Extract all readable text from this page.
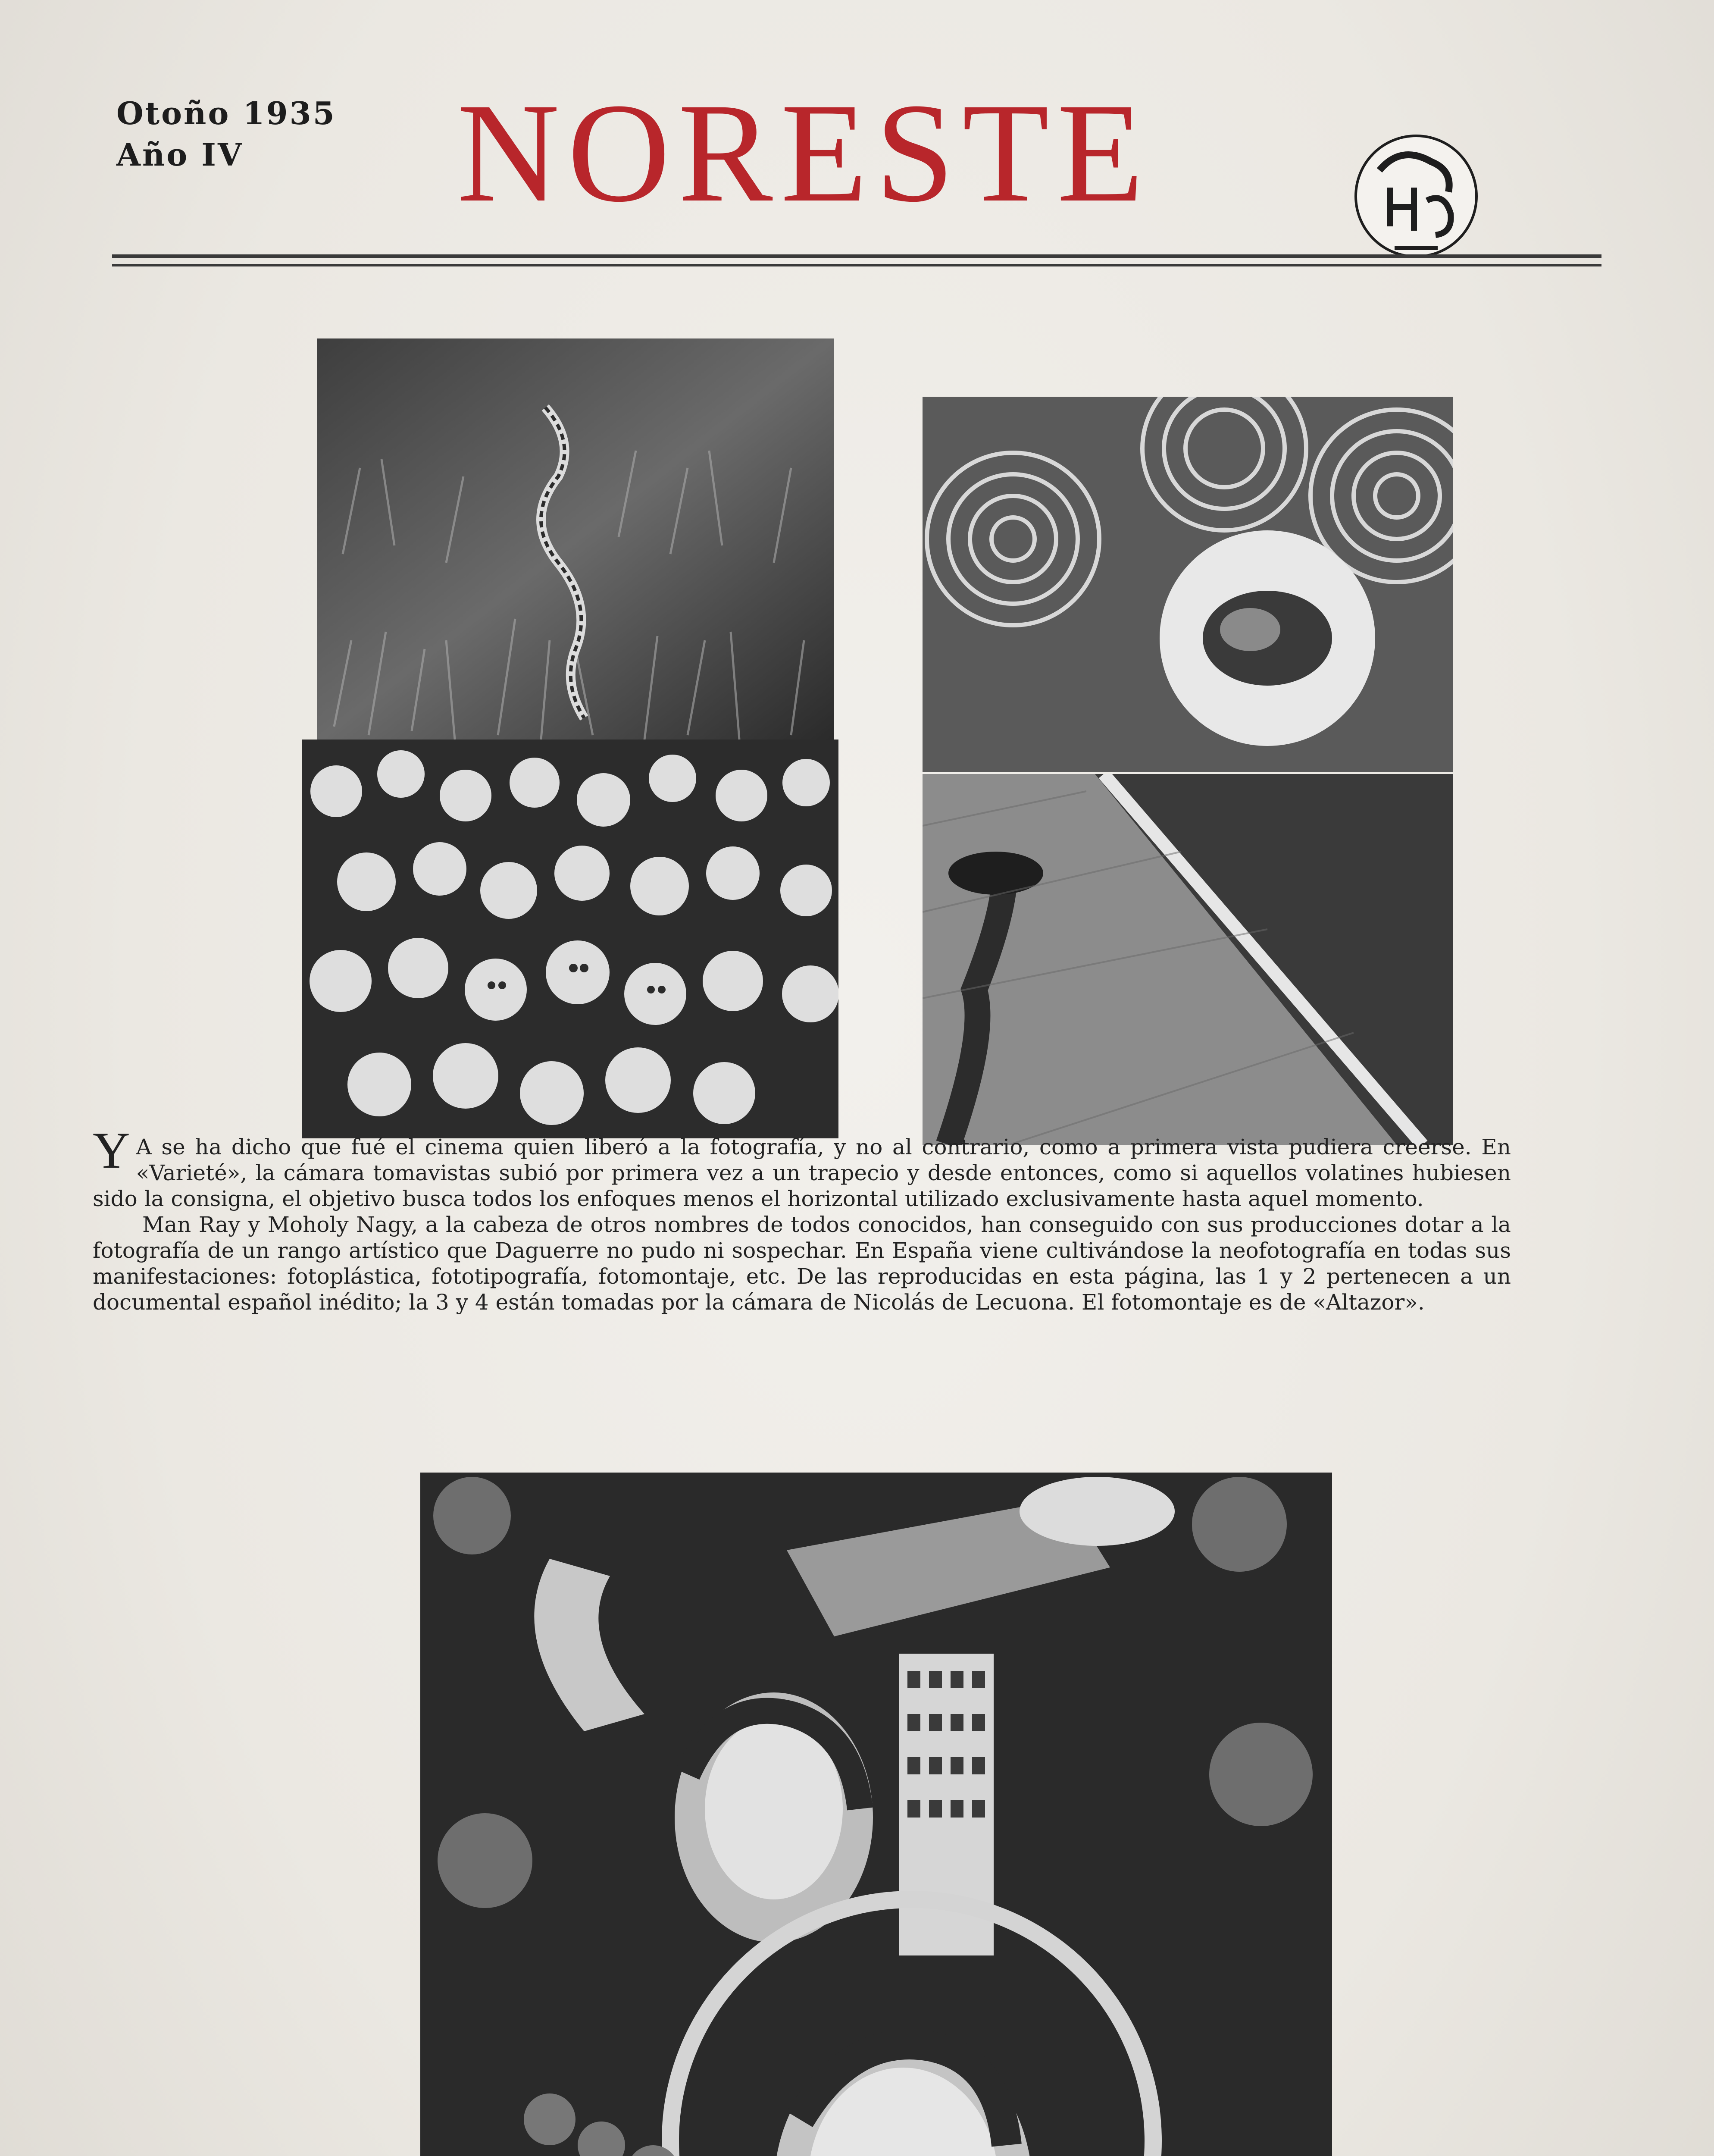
Otoño 1935
Año IV	NORESTE

Y A se ha dicho que fué el cinema quien liberó a la fotografía, y no al contrario, como a primera vista pudiera creerse. En «Varieté», la cámara tomavistas subió por primera vez a un trapecio y desde entonces, como si aquellos volatines hubiesen sido la consigna, el objetivo busca todos los enfoques menos el horizontal utilizado exclusivamente hasta aquel momento.

Man Ray y Moholy Nagy, a la cabeza de otros nombres de todos conocidos, han conseguido con sus producciones dotar a la fotografía de un rango artístico que Daguerre no pudo ni sospechar. En España viene cultivándose la neofotografía en todas sus manifestaciones: fotoplástica, fototipografía, fotomontaje, etc. De las reproducidas en esta página, las 1 y 2 pertenecen a un documental español inédito; la 3 y 4 están tomadas por la cámara de Nicolás de Lecuona. El fotomontaje es de «Altazor».
